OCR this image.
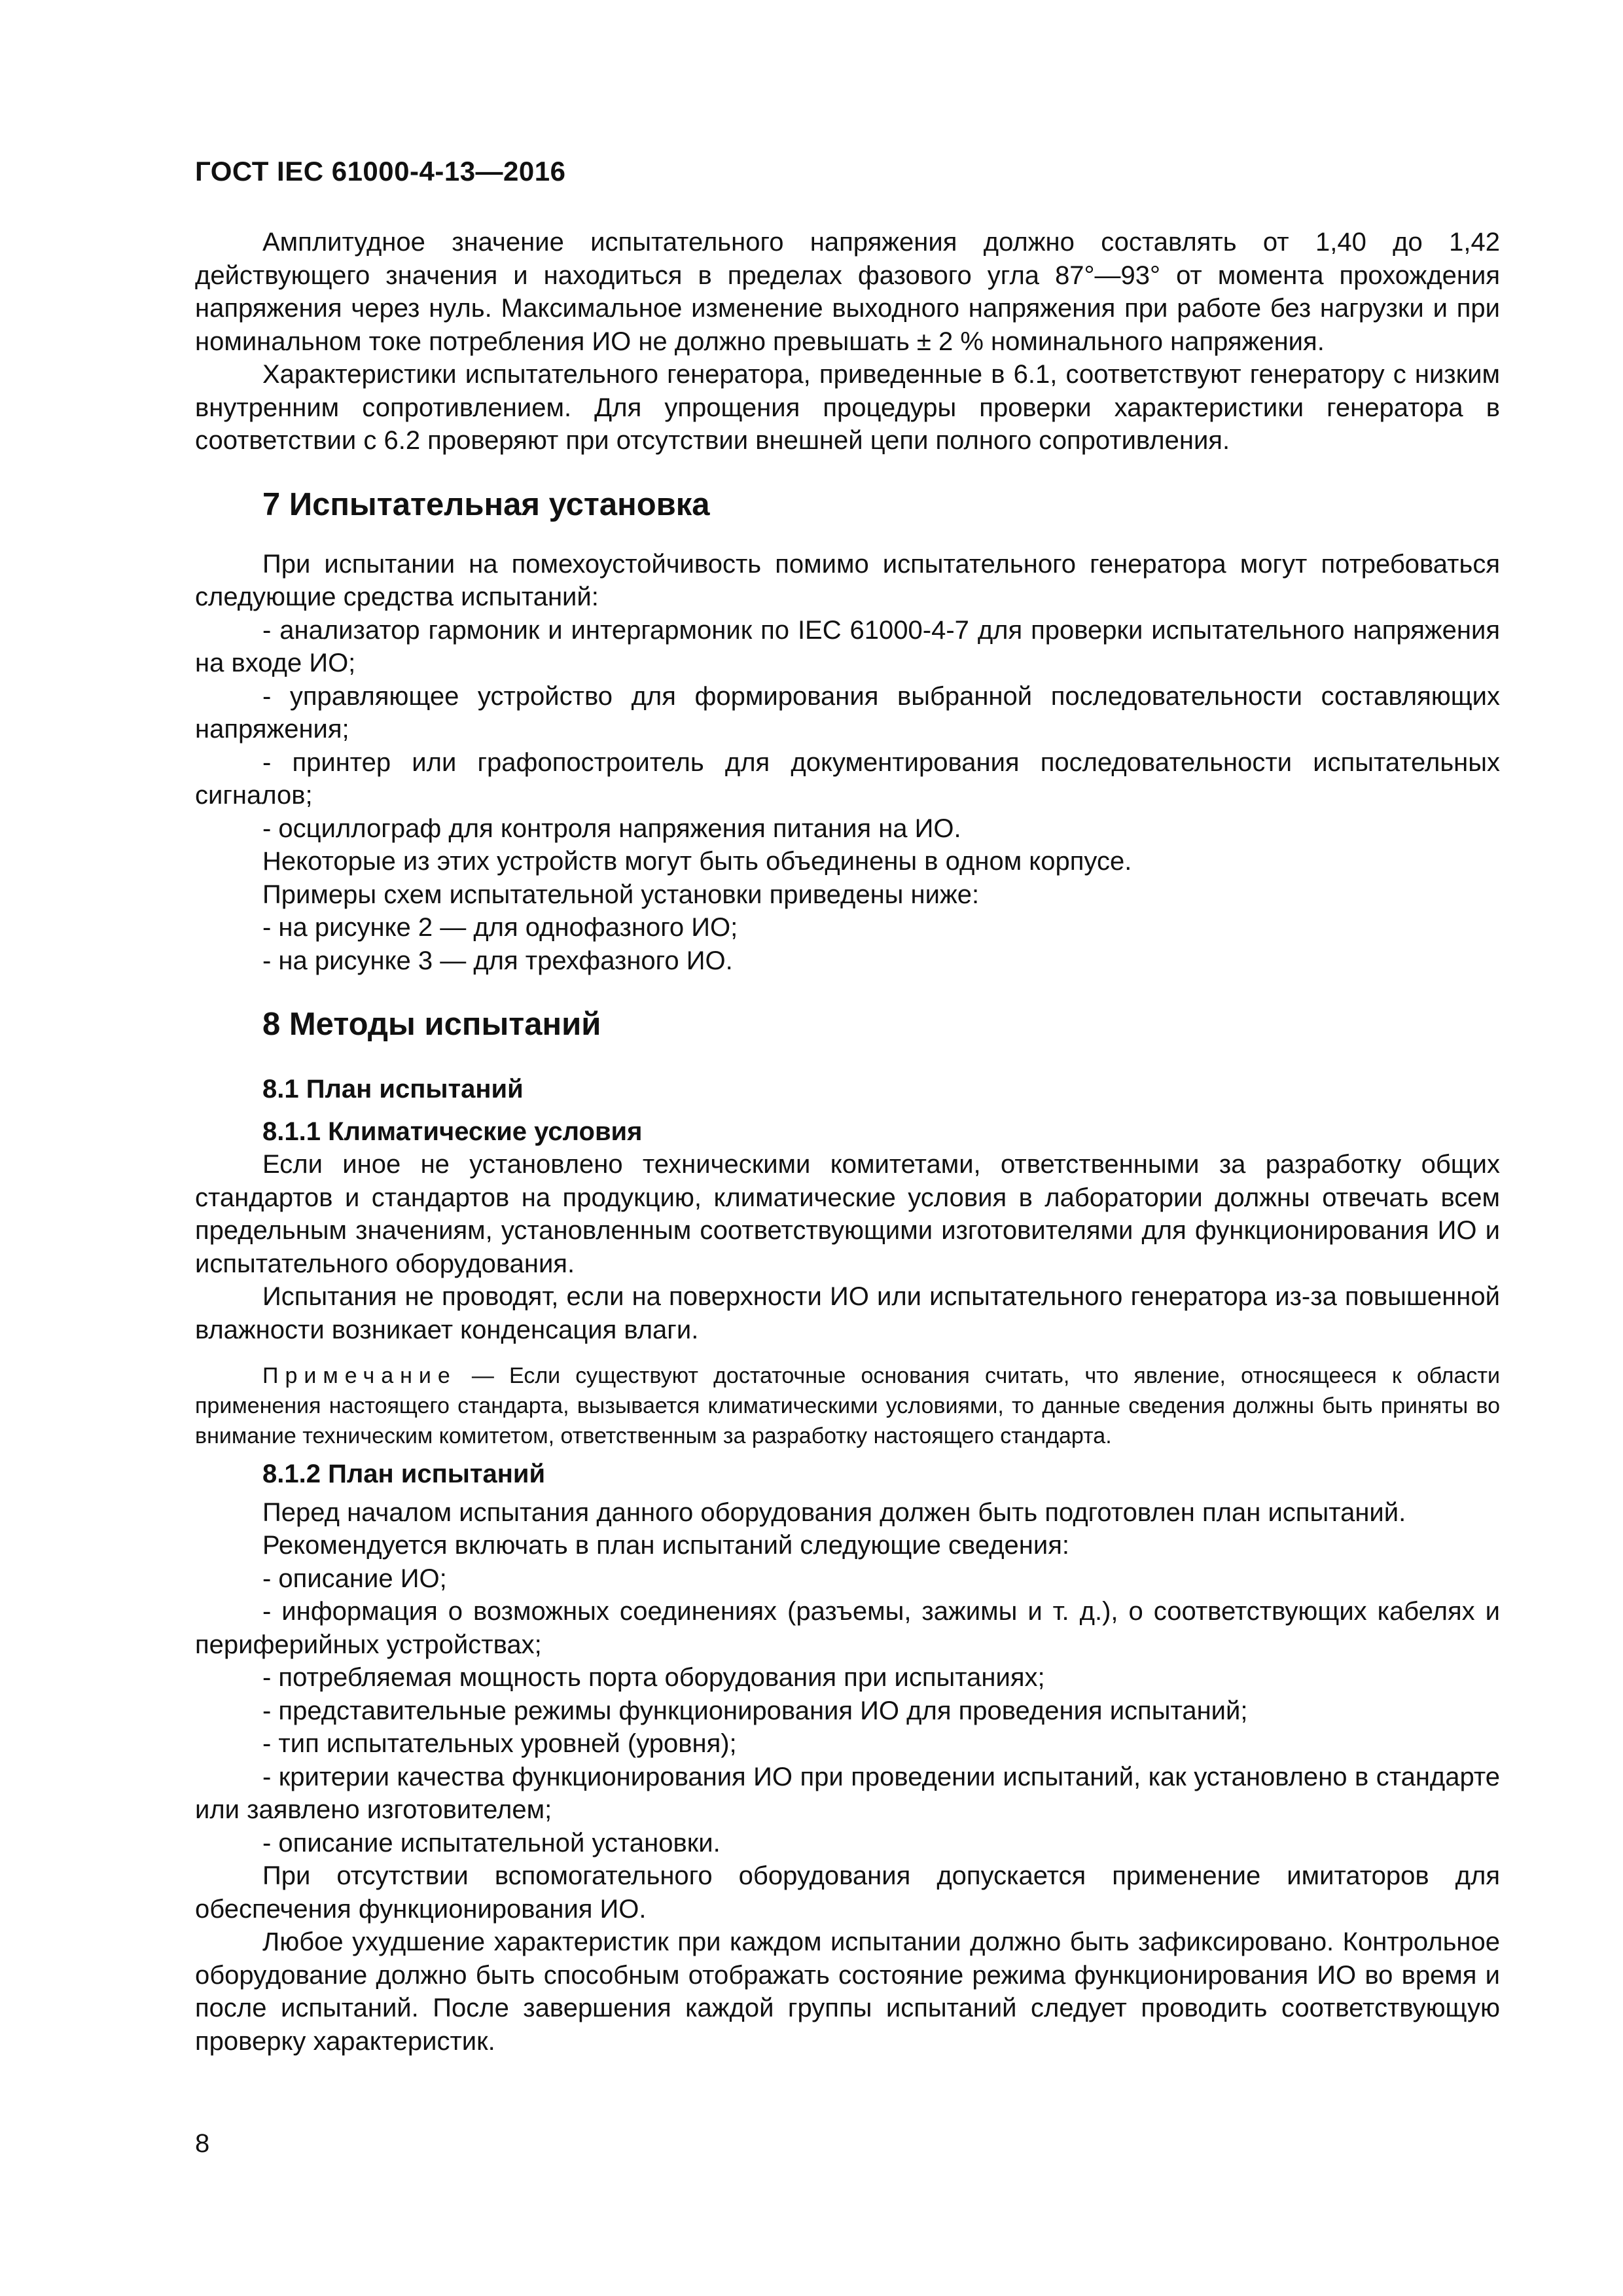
ГОСТ IEC 61000-4-13—2016

Амплитудное значение испытательного напряжения должно составлять от 1,40 до 1,42 действующего значения и находиться в пределах фазового угла 87°—93° от момента прохождения напряжения через нуль. Максимальное изменение выходного напряжения при работе без нагрузки и при номинальном токе потребления ИО не должно превышать ± 2 % номинального напряжения.

Характеристики испытательного генератора, приведенные в 6.1, соответствуют генератору с низким внутренним сопротивлением. Для упрощения процедуры проверки характеристики генератора в соответствии с 6.2 проверяют при отсутствии внешней цепи полного сопротивления.

7 Испытательная установка

При испытании на помехоустойчивость помимо испытательного генератора могут потребоваться следующие средства испытаний:

- анализатор гармоник и интергармоник по IEC 61000-4-7 для проверки испытательного напряжения на входе ИО;

- управляющее устройство для формирования выбранной последовательности составляющих напряжения;

- принтер или графопостроитель для документирования последовательности испытательных сигналов;

- осциллограф для контроля напряжения питания на ИО.

Некоторые из этих устройств могут быть объединены в одном корпусе.

Примеры схем испытательной установки приведены ниже:

- на рисунке 2 — для однофазного ИО;

- на рисунке 3 — для трехфазного ИО.

8 Методы испытаний
8.1 План испытаний
8.1.1 Климатические условия

Если иное не установлено техническими комитетами, ответственными за разработку общих стандартов и стандартов на продукцию, климатические условия в лаборатории должны отвечать всем предельным значениям, установленным соответствующими изготовителями для функционирования ИО и испытательного оборудования.

Испытания не проводят, если на поверхности ИО или испытательного генератора из-за повышенной влажности возникает конденсация влаги.

Примечание — Если существуют достаточные основания считать, что явление, относящееся к области применения настоящего стандарта, вызывается климатическими условиями, то данные сведения должны быть приняты во внимание техническим комитетом, ответственным за разработку настоящего стандарта.

8.1.2 План испытаний

Перед началом испытания данного оборудования должен быть подготовлен план испытаний.

Рекомендуется включать в план испытаний следующие сведения:

- описание ИО;

- информация о возможных соединениях (разъемы, зажимы и т. д.), о соответствующих кабелях и периферийных устройствах;

- потребляемая мощность порта оборудования при испытаниях;

- представительные режимы функционирования ИО для проведения испытаний;

- тип испытательных уровней (уровня);

- критерии качества функционирования ИО при проведении испытаний, как установлено в стандарте или заявлено изготовителем;

- описание испытательной установки.

При отсутствии вспомогательного оборудования допускается применение имитаторов для обеспечения функционирования ИО.

Любое ухудшение характеристик при каждом испытании должно быть зафиксировано. Контрольное оборудование должно быть способным отображать состояние режима функционирования ИО во время и после испытаний. После завершения каждой группы испытаний следует проводить соответствующую проверку характеристик.

8
